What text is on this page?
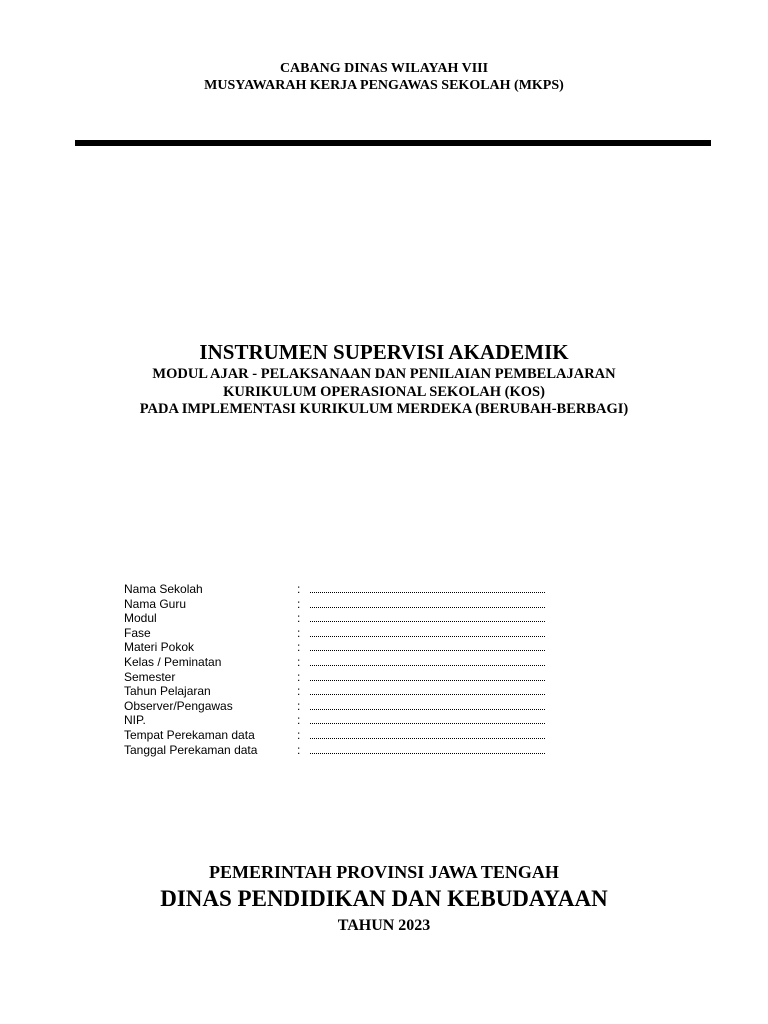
CABANG DINAS WILAYAH VIII
MUSYAWARAH KERJA PENGAWAS SEKOLAH (MKPS)
INSTRUMEN SUPERVISI AKADEMIK
MODUL AJAR - PELAKSANAAN DAN PENILAIAN PEMBELAJARAN
KURIKULUM OPERASIONAL SEKOLAH (KOS)
PADA IMPLEMENTASI KURIKULUM MERDEKA (BERUBAH-BERBAGI)
Nama Sekolah	:
Nama Guru	:
Modul	:
Fase	:
Materi Pokok	:
Kelas / Peminatan	:
Semester	:
Tahun Pelajaran	:
Observer/Pengawas	:
NIP.	:
Tempat Perekaman data	:
Tanggal Perekaman data	:
PEMERINTAH PROVINSI JAWA TENGAH
DINAS PENDIDIKAN DAN KEBUDAYAAN
TAHUN 2023
